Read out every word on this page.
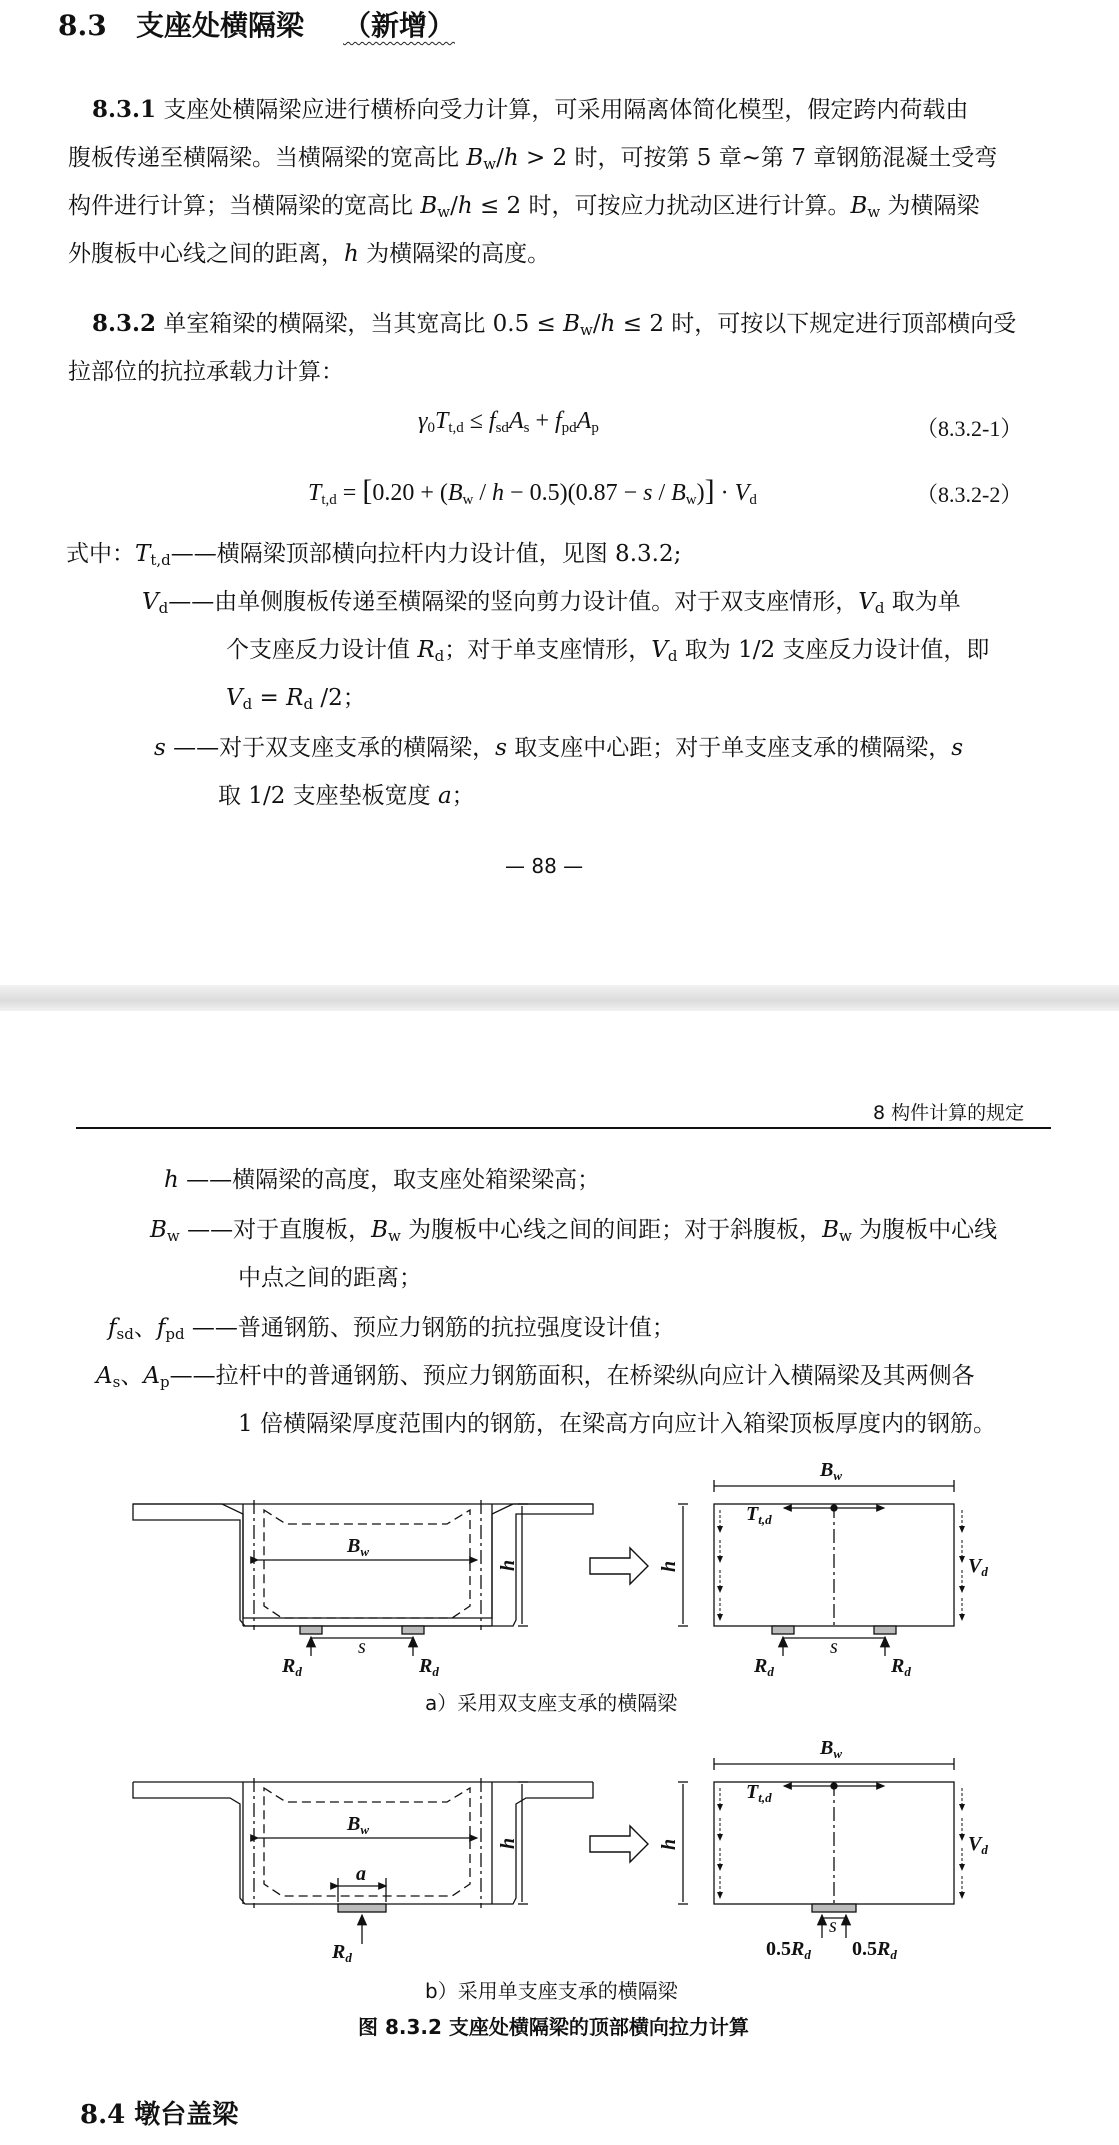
8.3 支座处横隔梁 （新增）
8.3.1 支座处横隔梁应进行横桥向受力计算，可采用隔离体简化模型，假定跨内荷载由
腹板传递至横隔梁。当横隔梁的宽高比 $B_w/h > 2$ 时，可按第 5 章~第 7 章钢筋混凝土受弯
构件进行计算；当横隔梁的宽高比 $B_w/h \le 2$ 时，可按应力扰动区进行计算。$B_w$ 为横隔梁
外腹板中心线之间的距离，h 为横隔梁的高度。
8.3.2 单室箱梁的横隔梁，当其宽高比 $0.5 \le B_w/h \le 2$ 时，可按以下规定进行顶部横向受
拉部位的抗拉承载力计算：
$\gamma_0T_{t,d} \le f_{sd}A_s + f_{pd}A_p$	（8.3.2-1）
$T_{t,d} = [0.20 + (B_w / h - 0.5)(0.87 - s / B_w)] \cdot V_d$	（8.3.2-2）
式中：$T_{t,d}——$横隔梁顶部横向拉杆内力设计值，见图 8.3.2;
$V_d——$由单侧腹板传递至横隔梁的竖向剪力设计值。对于双支座情形，$V_d$ 取为单
个支座反力设计值 $R_d$；对于单支座情形，$V_d$ 取为 1/2 支座反力设计值，即
$V_d = R_d$ /2；
s ——对于双支座支承的横隔梁，s 取支座中心距；对于单支座支承的横隔梁，s
取 1/2 支座垫板宽度 a；
— 88 —
8 构件计算的规定
h ——横隔梁的高度，取支座处箱梁梁高；
$B_w$ ——对于直腹板，$B_w$ 为腹板中心线之间的间距；对于斜腹板，$B_w$ 为腹板中心线
中点之间的距离；
$f_{sd}$、$f_{pd}$ ——普通钢筋、预应力钢筋的抗拉强度设计值；
$A_s$、$A_p——$拉杆中的普通钢筋、预应力钢筋面积，在桥梁纵向应计入横隔梁及其两侧各
1 倍横隔梁厚度范围内的钢筋，在梁高方向应计入箱梁顶板厚度内的钢筋。
$B_w$
h
s
$R_d$	$R_d$
$B_w$
$T_{t,d}$
$V_d$
h
s
$R_d$	$R_d$
a）采用双支座支承的横隔梁
$B_w$
h
a
$R_d$
$B_w$
$T_{t,d}$
$V_d$
h
s
$0.5R_d$ $0.5R_d$
b）采用单支座支承的横隔梁
图 8.3.2 支座处横隔梁的顶部横向拉力计算
8.4 墩台盖梁
